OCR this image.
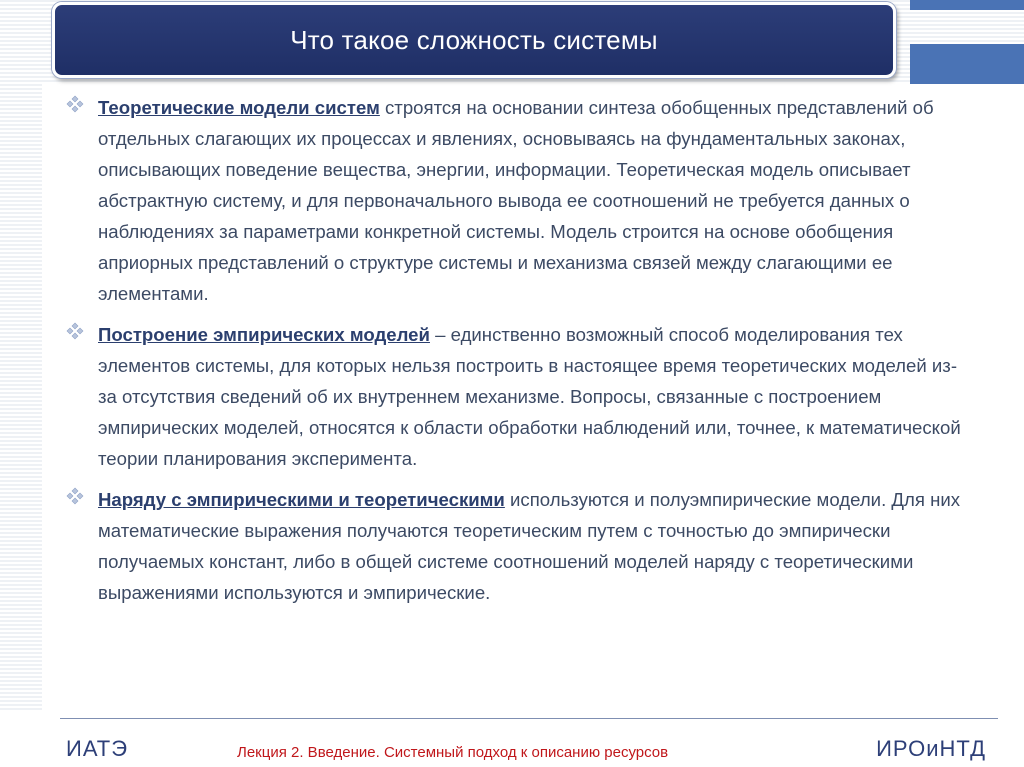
Что такое сложность системы

Теоретические модели систем строятся на основании синтеза обобщенных представлений об отдельных слагающих их процессах и явлениях, основываясь на фундаментальных законах, описывающих поведение вещества, энергии, информации. Теоретическая модель описывает абстрактную систему, и для первоначального вывода ее соотношений не требуется данных о наблюдениях за параметрами конкретной системы. Модель строится на основе обобщения априорных представлений о структуре системы и механизма связей между слагающими ее элементами.

Построение эмпирических моделей – единственно возможный способ моделирования тех элементов системы, для которых нельзя построить в настоящее время теоретических моделей из-за отсутствия сведений об их внутреннем механизме. Вопросы, связанные с построением эмпирических моделей, относятся к области обработки наблюдений или, точнее, к математической теории планирования эксперимента.

Наряду с эмпирическими и теоретическими используются и полуэмпирические модели. Для них математические выражения получаются теоретическим путем с точностью до эмпирически получаемых констант, либо в общей системе соотношений моделей наряду с теоретическими выражениями используются и эмпирические.

ИАТЭ	Лекция 2. Введение. Системный подход к описанию ресурсов	ИРОиНТД
